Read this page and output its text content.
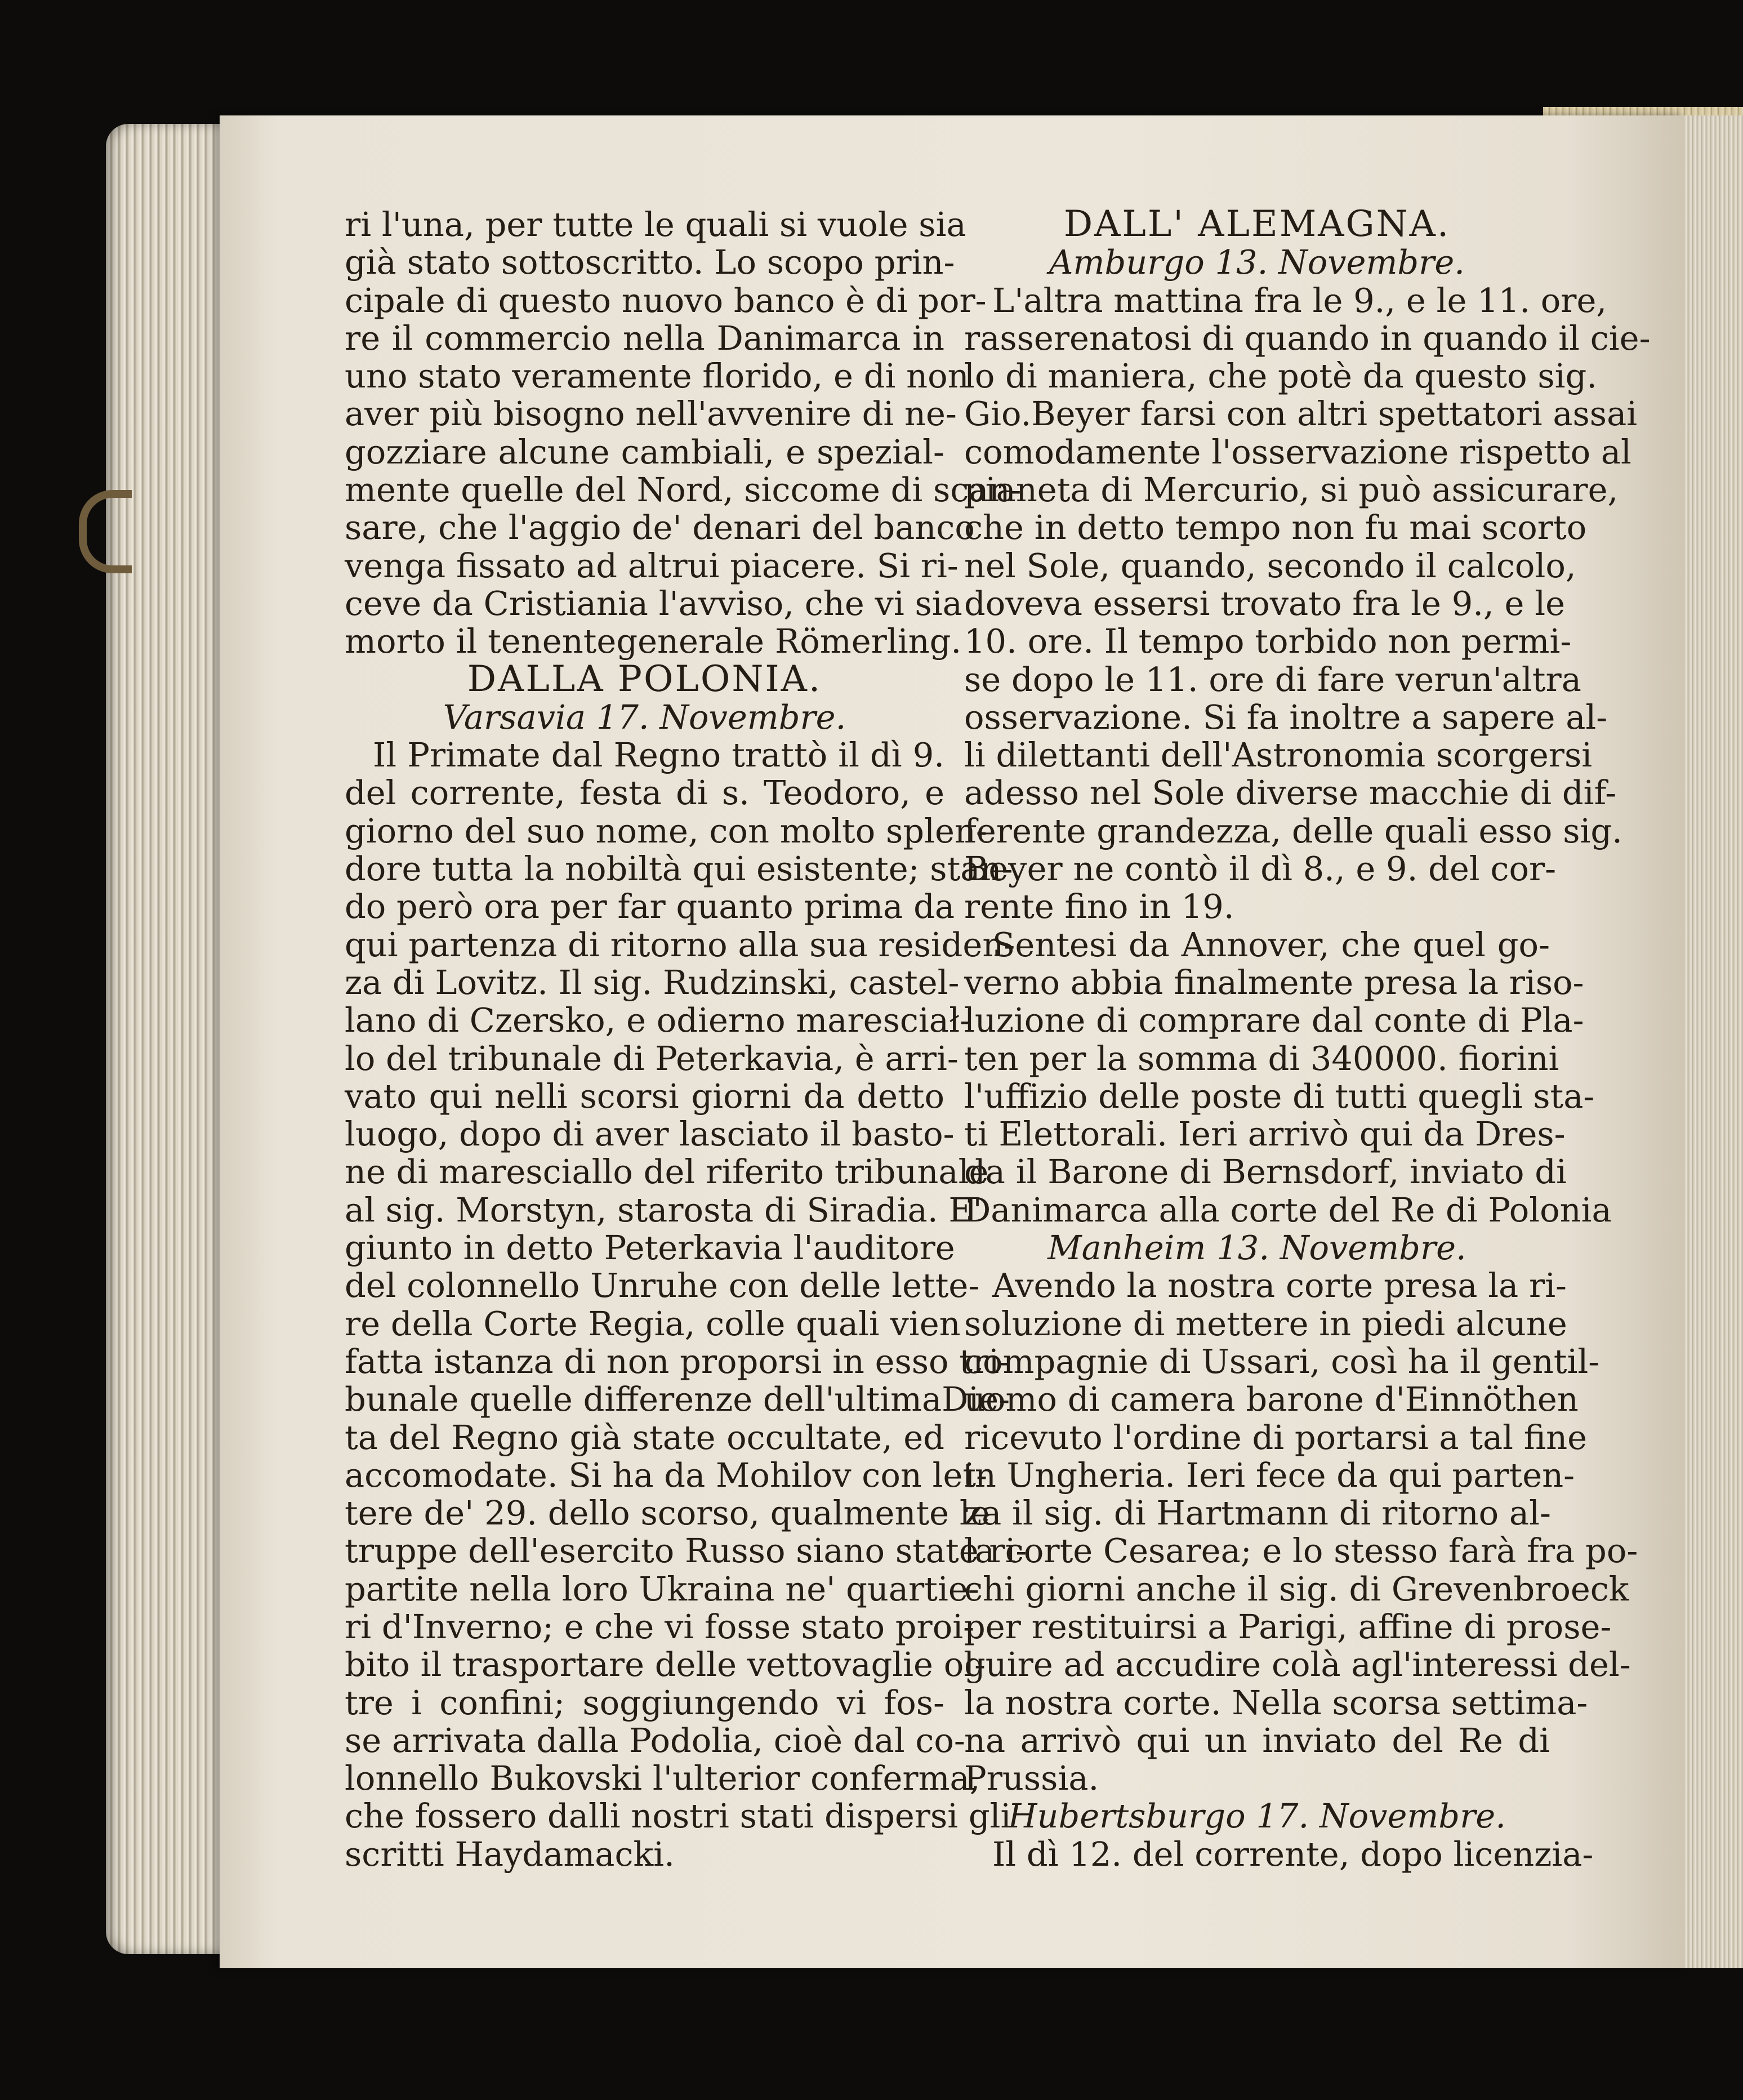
ri l'una, per tutte le quali si vuole sia
già stato sottoscritto. Lo scopo prin-
cipale di questo nuovo banco è di por-
re il commercio nella Danimarca in
uno stato veramente florido, e di non
aver più bisogno nell'avvenire di ne-
gozziare alcune cambiali, e spezial-
mente quelle del Nord, siccome di scan-
sare, che l'aggio de' denari del banco
venga fissato ad altrui piacere. Si ri-
ceve da Cristiania l'avviso, che vi sia
morto il tenentegenerale Römerling.
DALLA POLONIA.
Varsavia 17. Novembre.
Il Primate dal Regno trattò il dì 9.
del corrente, festa di s. Teodoro, e
giorno del suo nome, con molto splen-
dore tutta la nobiltà qui esistente; stan-
do però ora per far quanto prima da
qui partenza di ritorno alla sua residen-
za di Lovitz. Il sig. Rudzinski, castel-
lano di Czersko, e odierno maresciał-
lo del tribunale di Peterkavia, è arri-
vato qui nelli scorsi giorni da detto
luogo, dopo di aver lasciato il basto-
ne di maresciallo del riferito tribunale
al sig. Morstyn, starosta di Siradia. E'
giunto in detto Peterkavia l'auditore
del colonnello Unruhe con delle lette-
re della Corte Regia, colle quali vien
fatta istanza di non proporsi in esso tri-
bunale quelle differenze dell'ultimaDie-
ta del Regno già state occultate, ed
accomodate. Si ha da Mohilov con let-
tere de' 29. dello scorso, qualmente le
truppe dell'esercito Russo siano state ri-
partite nella loro Ukraina ne' quartie-
ri d'Inverno; e che vi fosse stato proi-
bito il trasportare delle vettovaglie ol-
tre i confini; soggiungendo vi fos-
se arrivata dalla Podolia, cioè dal co-
lonnello Bukovski l'ulterior conferma,
che fossero dalli nostri stati dispersi gli
scritti Haydamacki.
DALL' ALEMAGNA.
Amburgo 13. Novembre.
L'altra mattina fra le 9., e le 11. ore,
rasserenatosi di quando in quando il cie-
lo di maniera, che potè da questo sig.
Gio.Beyer farsi con altri spettatori assai
comodamente l'osservazione rispetto al
pianeta di Mercurio, si può assicurare,
che in detto tempo non fu mai scorto
nel Sole, quando, secondo il calcolo,
doveva essersi trovato fra le 9., e le
10. ore. Il tempo torbido non permi-
se dopo le 11. ore di fare verun'altra
osservazione. Si fa inoltre a sapere al-
li dilettanti dell'Astronomia scorgersi
adesso nel Sole diverse macchie di dif-
ferente grandezza, delle quali esso sig.
Beyer ne contò il dì 8., e 9. del cor-
rente fino in 19.
Sentesi da Annover, che quel go-
verno abbia finalmente presa la riso-
luzione di comprare dal conte di Pla-
ten per la somma di 340000. fiorini
l'uffizio delle poste di tutti quegli sta-
ti Elettorali. Ieri arrivò qui da Dres-
da il Barone di Bernsdorf, inviato di
Danimarca alla corte del Re di Polonia
Manheim 13. Novembre.
Avendo la nostra corte presa la ri-
soluzione di mettere in piedi alcune
compagnie di Ussari, così ha il gentil-
uomo di camera barone d'Einnöthen
ricevuto l'ordine di portarsi a tal fine
in Ungheria. Ieri fece da qui parten-
za il sig. di Hartmann di ritorno al-
la corte Cesarea; e lo stesso farà fra po-
chi giorni anche il sig. di Grevenbroeck
per restituirsi a Parigi, affine di prose-
guire ad accudire colà agl'interessi del-
la nostra corte. Nella scorsa settima-
na arrivò qui un inviato del Re di
Prussia.
Hubertsburgo 17. Novembre.
Il dì 12. del corrente, dopo licenzia-
